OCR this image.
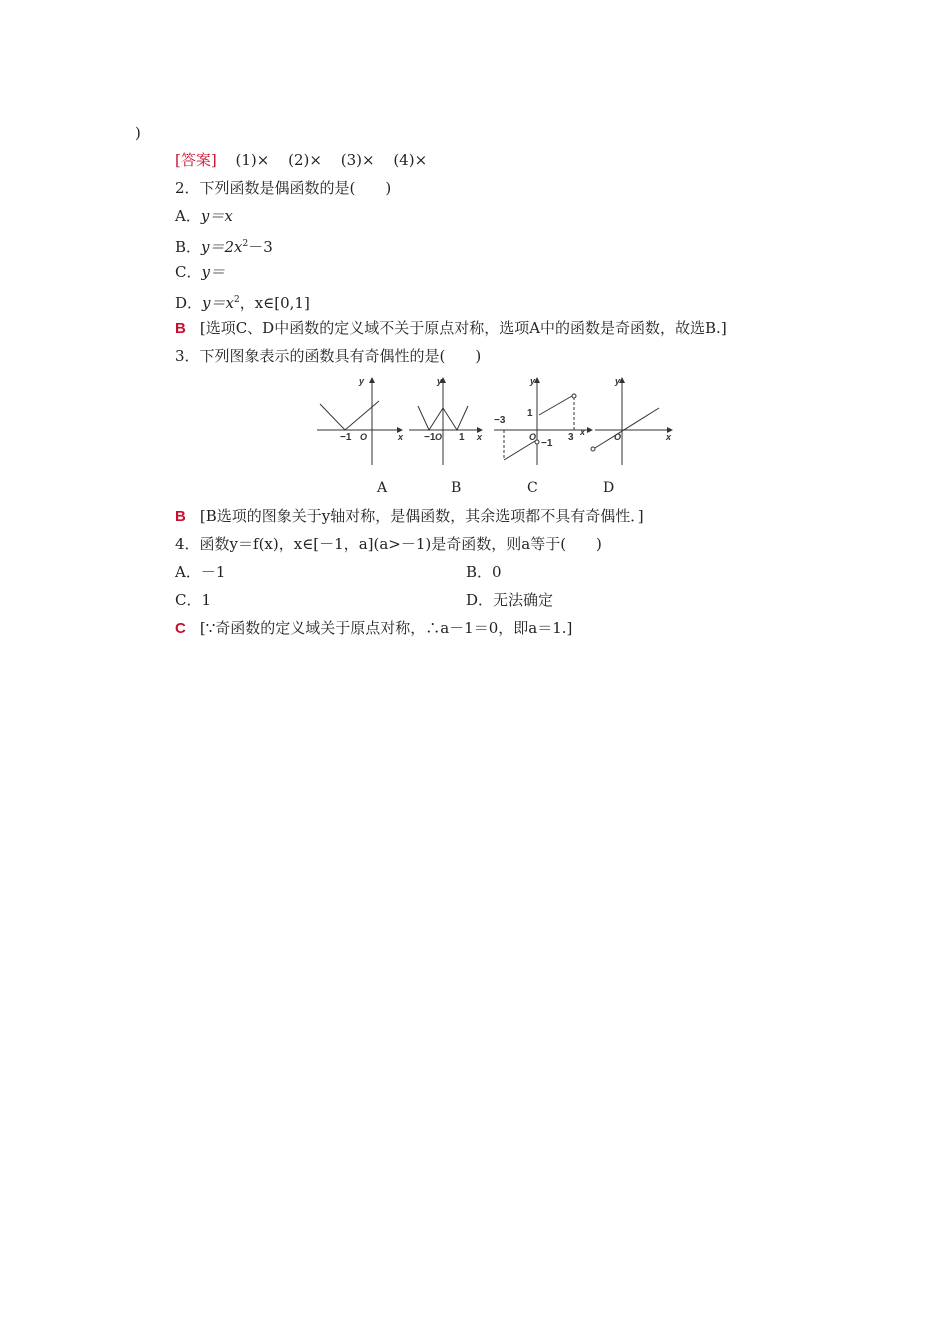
)
[答案] (1)× (2)× (3)× (4)×
2．下列函数是偶函数的是(　　)
A．y＝x
B．$y=2x^2-3$
C．y＝
D．$y=x^2$，x∈[0,1]
B [选项C、D中函数的定义域不关于原点对称，选项A中的函数是奇函数，故选B.]
3．下列图象表示的函数具有奇偶性的是(　　)
y
x
−1 O
y
x
−1 O 1
y
x
−3
1
O
−1
3
y
x
O
A	B	C	D
B [B选项的图象关于y轴对称，是偶函数，其余选项都不具有奇偶性．]
4．函数y＝f(x)，x∈[－1，a](a>－1)是奇函数，则a等于(　　)
A．－1	B．0
C．1	D．无法确定
C [∵奇函数的定义域关于原点对称，∴a－1＝0，即a＝1.]
